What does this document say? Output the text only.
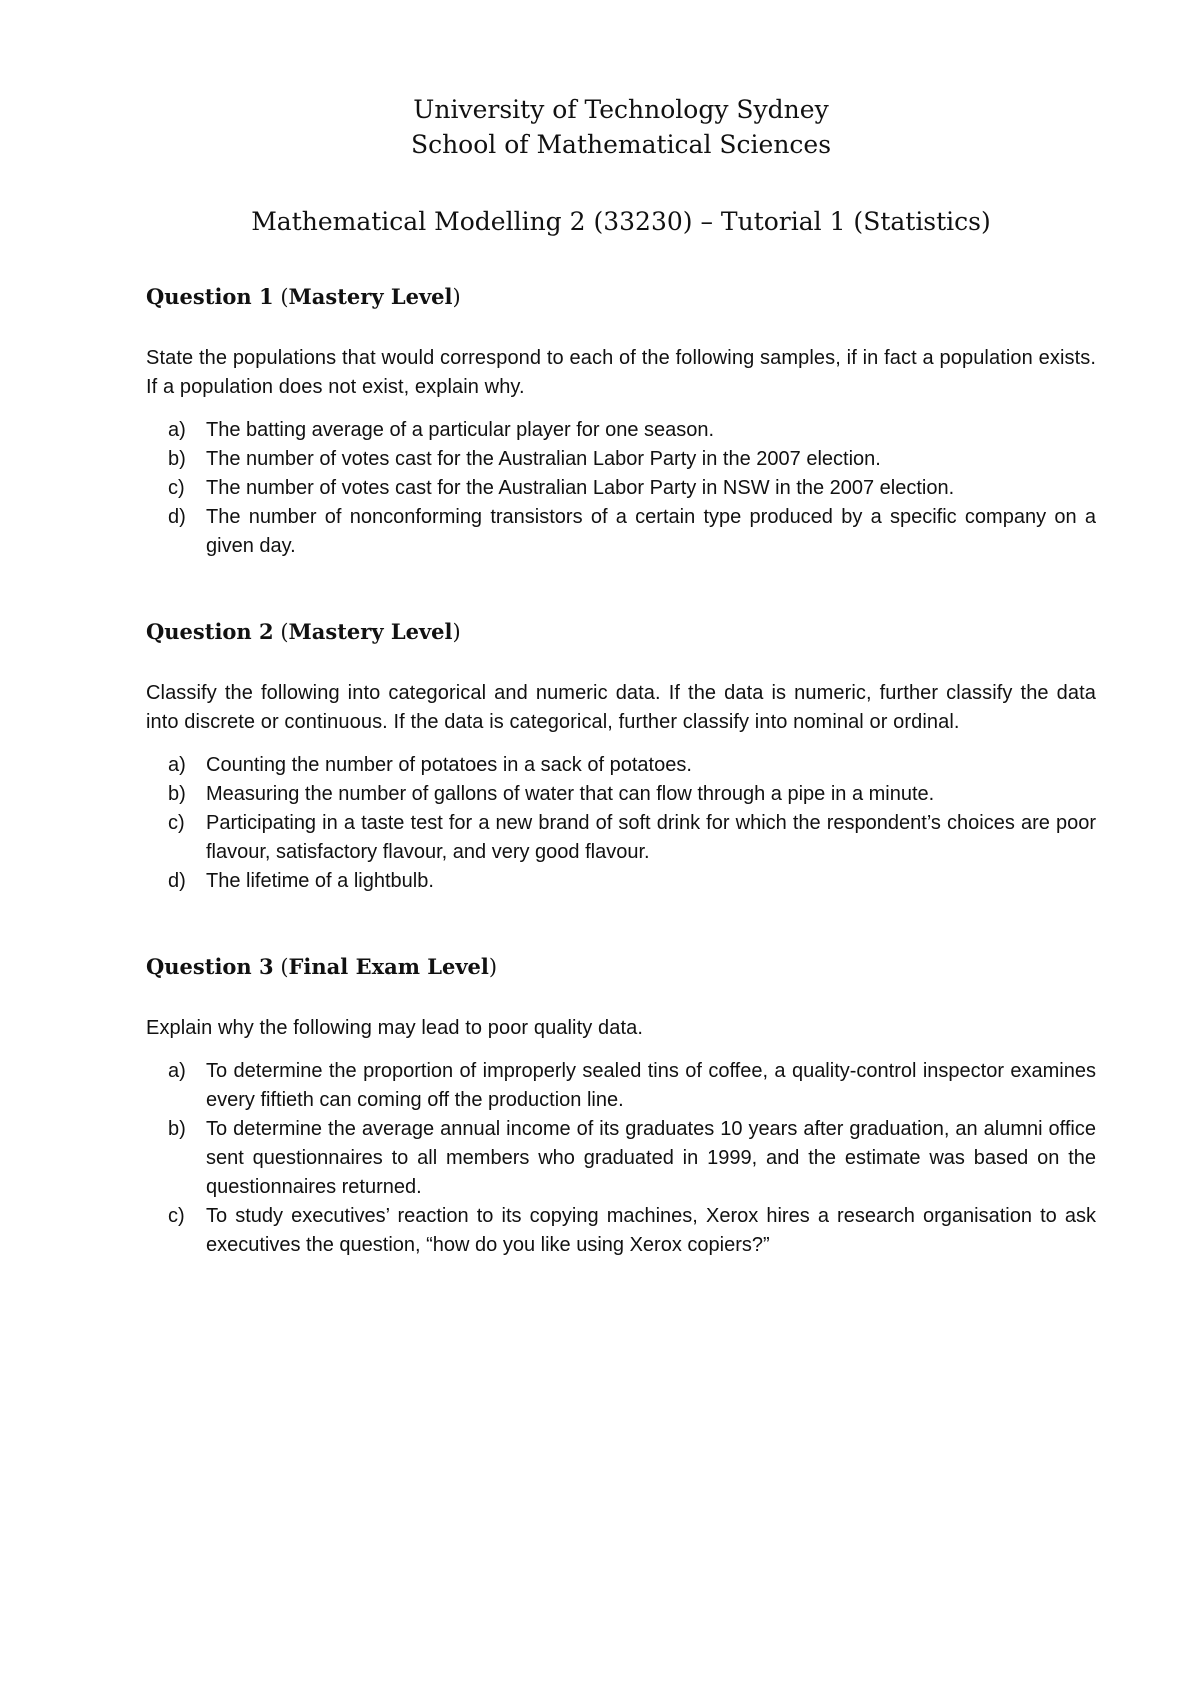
University of Technology Sydney
School of Mathematical Sciences
Mathematical Modelling 2 (33230) – Tutorial 1 (Statistics)
Question 1 (Mastery Level)
State the populations that would correspond to each of the following samples, if in fact a population exists. If a population does not exist, explain why.
a) The batting average of a particular player for one season.
b) The number of votes cast for the Australian Labor Party in the 2007 election.
c) The number of votes cast for the Australian Labor Party in NSW in the 2007 election.
d) The number of nonconforming transistors of a certain type produced by a specific company on a given day.
Question 2 (Mastery Level)
Classify the following into categorical and numeric data. If the data is numeric, further classify the data into discrete or continuous. If the data is categorical, further classify into nominal or ordinal.
a) Counting the number of potatoes in a sack of potatoes.
b) Measuring the number of gallons of water that can flow through a pipe in a minute.
c) Participating in a taste test for a new brand of soft drink for which the respondent’s choices are poor flavour, satisfactory flavour, and very good flavour.
d) The lifetime of a lightbulb.
Question 3 (Final Exam Level)
Explain why the following may lead to poor quality data.
a) To determine the proportion of improperly sealed tins of coffee, a quality-control inspector examines every fiftieth can coming off the production line.
b) To determine the average annual income of its graduates 10 years after graduation, an alumni office sent questionnaires to all members who graduated in 1999, and the estimate was based on the questionnaires returned.
c) To study executives’ reaction to its copying machines, Xerox hires a research organisation to ask executives the question, “how do you like using Xerox copiers?”
